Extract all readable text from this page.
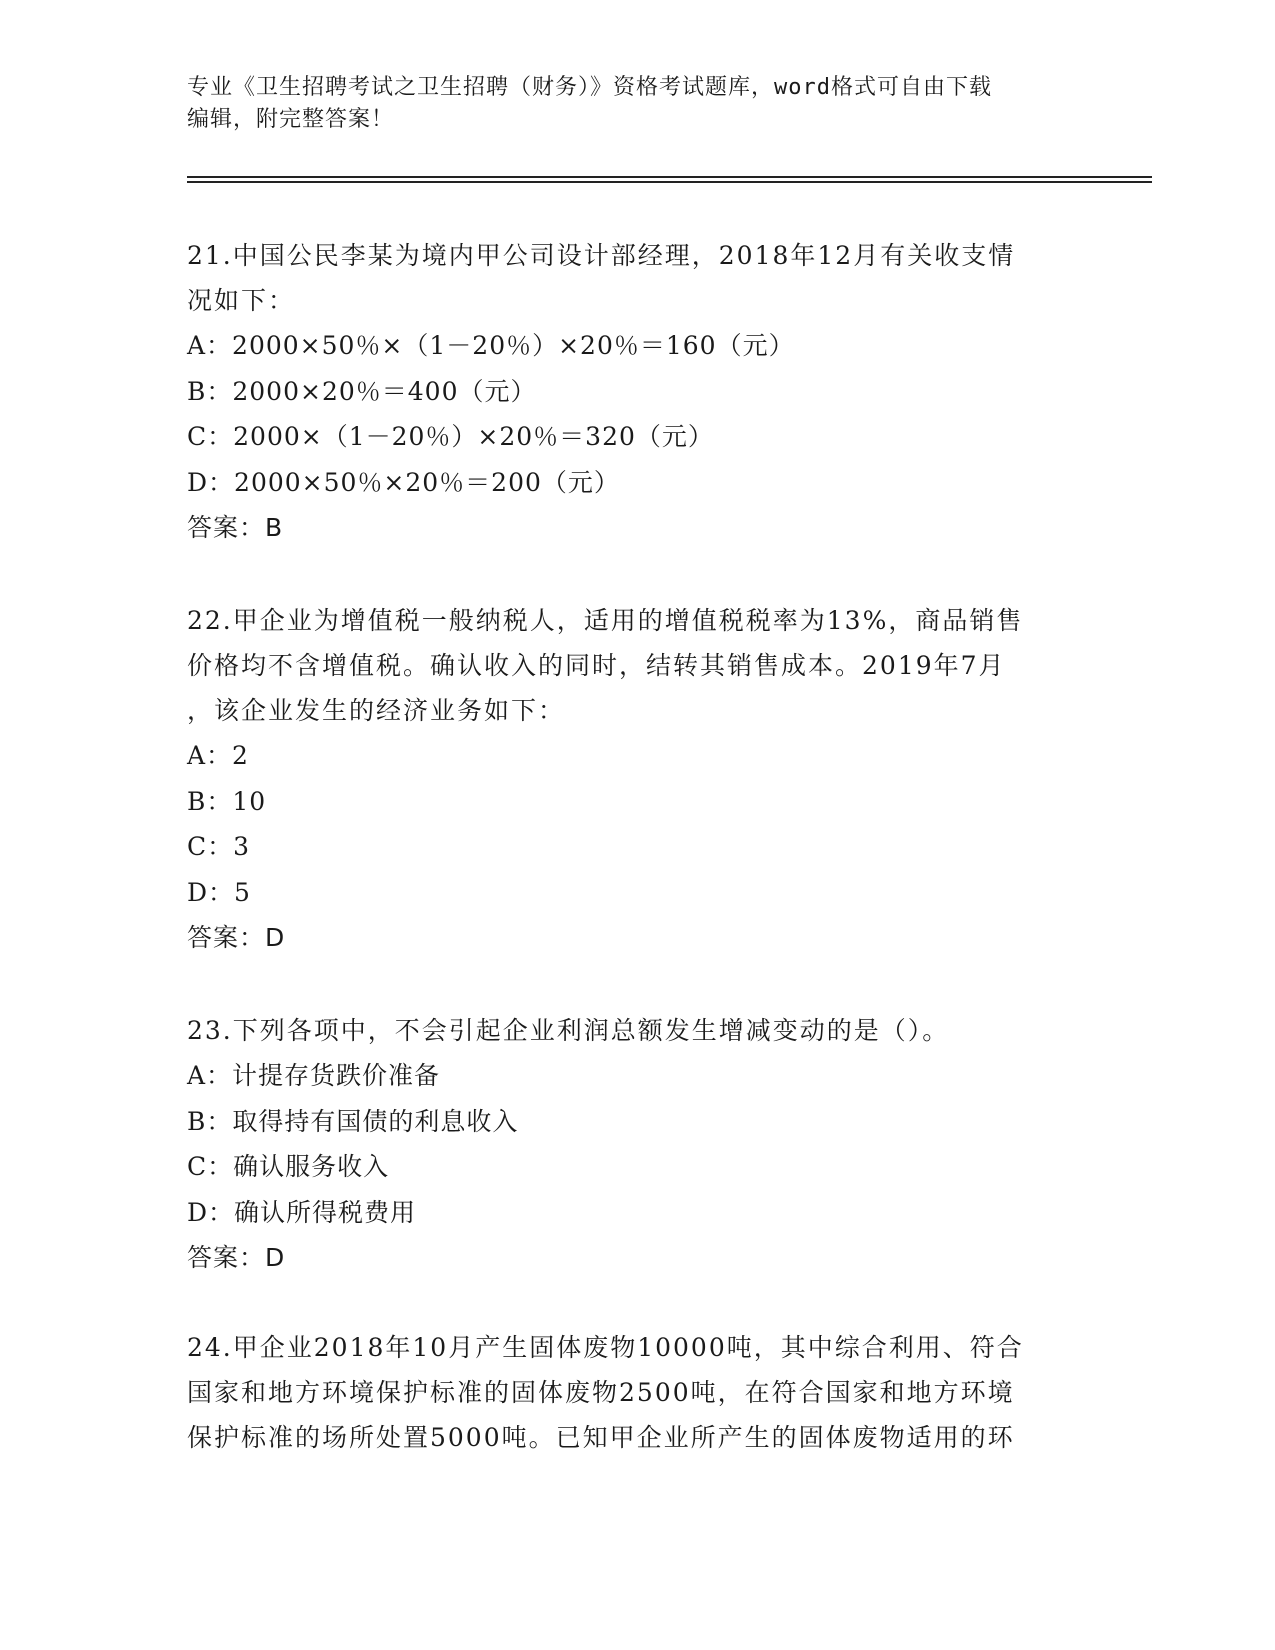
专业《卫生招聘考试之卫生招聘（财务）》资格考试题库，word格式可自由下载
编辑，附完整答案！
21.中国公民李某为境内甲公司设计部经理，2018年12月有关收支情
况如下：
A：2000×50％×（1－20％）×20％＝160（元）
B：2000×20％＝400（元）
C：2000×（1－20％）×20％＝320（元）
D：2000×50％×20％＝200（元）
答案：B
22.甲企业为增值税一般纳税人，适用的增值税税率为13%，商品销售
价格均不含增值税。确认收入的同时，结转其销售成本。2019年7月
，该企业发生的经济业务如下：
A：2
B：10
C：3
D：5
答案：D
23.下列各项中，不会引起企业利润总额发生增减变动的是（）。
A：计提存货跌价准备
B：取得持有国债的利息收入
C：确认服务收入
D：确认所得税费用
答案：D
24.甲企业2018年10月产生固体废物10000吨，其中综合利用、符合
国家和地方环境保护标准的固体废物2500吨，在符合国家和地方环境
保护标准的场所处置5000吨。已知甲企业所产生的固体废物适用的环
